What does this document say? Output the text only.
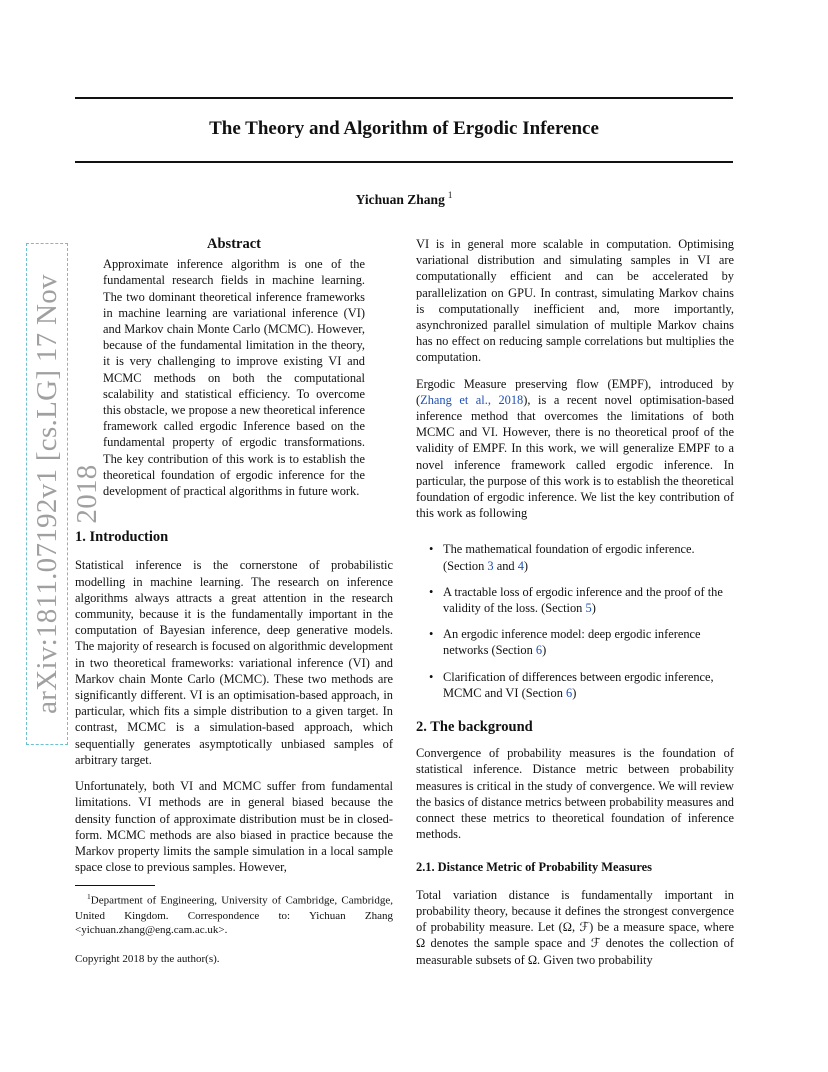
The Theory and Algorithm of Ergodic Inference
Yichuan Zhang $^1$
arXiv:1811.07192v1 [cs.LG] 17 Nov 2018

Abstract

Approximate inference algorithm is one of the fundamental research fields in machine learning. The two dominant theoretical inference frameworks in machine learning are variational inference (VI) and Markov chain Monte Carlo (MCMC). However, because of the fundamental limitation in the theory, it is very challenging to improve existing VI and MCMC methods on both the computational scalability and statistical efficiency. To overcome this obstacle, we propose a new theoretical inference framework called ergodic Inference based on the fundamental property of ergodic transformations. The key contribution of this work is to establish the theoretical foundation of ergodic inference for the development of practical algorithms in future work.

1. Introduction

Statistical inference is the cornerstone of probabilistic modelling in machine learning. The research on inference algorithms always attracts a great attention in the research community, because it is the fundamentally important in the computation of Bayesian inference, deep generative models. The majority of research is focused on algorithmic development in two theoretical frameworks: variational inference (VI) and Markov chain Monte Carlo (MCMC). These two methods are significantly different. VI is an optimisation-based approach, in particular, which fits a simple distribution to a given target. In contrast, MCMC is a simulation-based approach, which sequentially generates asymptotically unbiased samples of arbitrary target.

Unfortunately, both VI and MCMC suffer from fundamental limitations. VI methods are in general biased because the density function of approximate distribution must be in closed-form. MCMC methods are also biased in practice because the Markov property limits the sample simulation in a local sample space close to previous samples. However,

$^1$Department of Engineering, University of Cambridge, Cambridge, United Kingdom. Correspondence to: Yichuan Zhang <yichuan.zhang@eng.cam.ac.uk>.

Copyright 2018 by the author(s).

VI is in general more scalable in computation. Optimising variational distribution and simulating samples in VI are computationally efficient and can be accelerated by parallelization on GPU. In contrast, simulating Markov chains is computationally inefficient and, more importantly, asynchronized parallel simulation of multiple Markov chains has no effect on reducing sample correlations but multiplies the computation.

Ergodic Measure preserving flow (EMPF), introduced by (Zhang et al., 2018), is a recent novel optimisation-based inference method that overcomes the limitations of both MCMC and VI. However, there is no theoretical proof of the validity of EMPF. In this work, we will generalize EMPF to a novel inference framework called ergodic inference. In particular, the purpose of this work is to establish the theoretical foundation of ergodic inference. We list the key contribution of this work as following

• The mathematical foundation of ergodic inference. (Section 3 and 4)
• A tractable loss of ergodic inference and the proof of the validity of the loss. (Section 5)
• An ergodic inference model: deep ergodic inference networks (Section 6)
• Clarification of differences between ergodic inference, MCMC and VI (Section 6)
2. The background

Convergence of probability measures is the foundation of statistical inference. Distance metric between probability measures is critical in the study of convergence. We will review the basics of distance metrics between probability measures and connect these metrics to theoretical foundation of inference methods.

2.1. Distance Metric of Probability Measures

Total variation distance is fundamentally important in probability theory, because it defines the strongest convergence of probability measure. Let (Ω, ℱ) be a measure space, where Ω denotes the sample space and ℱ denotes the collection of measurable subsets of Ω. Given two probability
